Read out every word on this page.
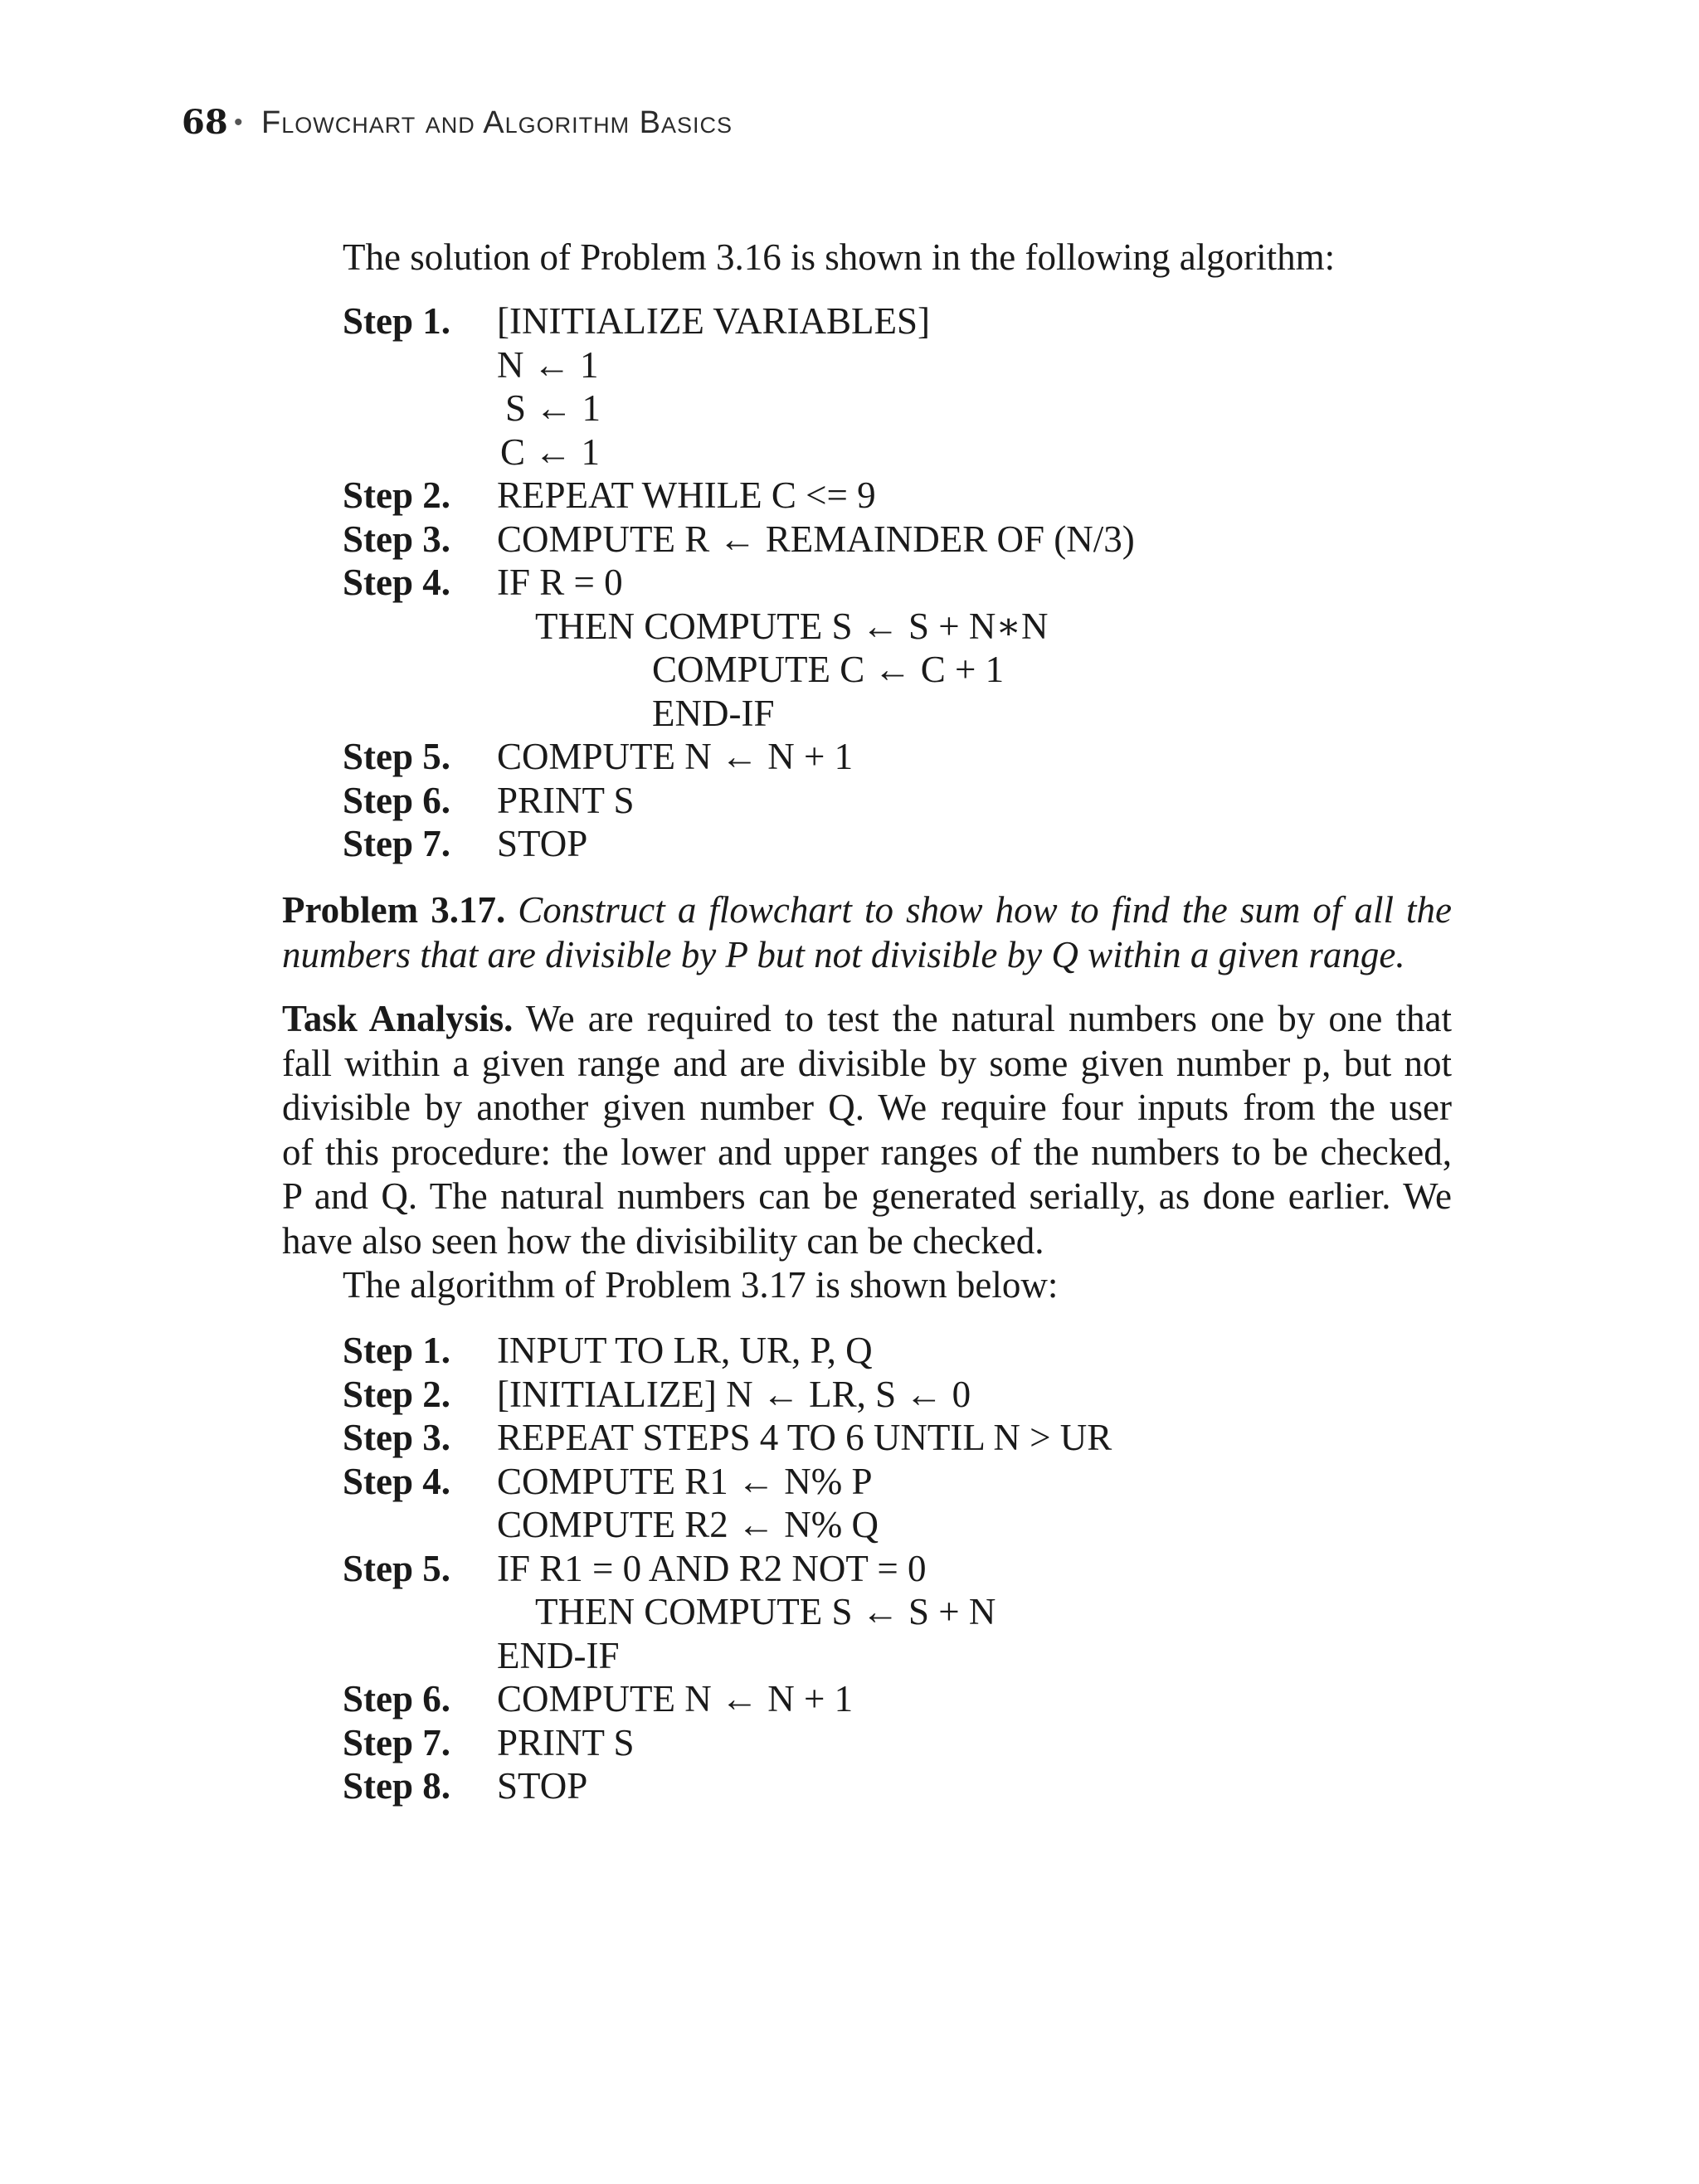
68 • Flowchart and Algorithm Basics
The solution of Problem 3.16 is shown in the following algorithm:
Step 1. [INITIALIZE VARIABLES]
N ← 1
S ← 1
C ← 1
Step 2. REPEAT WHILE C <= 9
Step 3. COMPUTE R ← REMAINDER OF (N/3)
Step 4. IF R = 0
THEN COMPUTE S ← S + N∗N
COMPUTE C ← C + 1
END-IF
Step 5. COMPUTE N ← N + 1
Step 6. PRINT S
Step 7. STOP
Problem 3.17. Construct a flowchart to show how to find the sum of all the
numbers that are divisible by P but not divisible by Q within a given range.
Task Analysis. We are required to test the natural numbers one by one that
fall within a given range and are divisible by some given number p, but not
divisible by another given number Q. We require four inputs from the user
of this procedure: the lower and upper ranges of the numbers to be checked,
P and Q. The natural numbers can be generated serially, as done earlier. We
have also seen how the divisibility can be checked.
The algorithm of Problem 3.17 is shown below:
Step 1. INPUT TO LR, UR, P, Q
Step 2. [INITIALIZE] N ← LR, S ← 0
Step 3. REPEAT STEPS 4 TO 6 UNTIL N > UR
Step 4. COMPUTE R1 ← N% P
COMPUTE R2 ← N% Q
Step 5. IF R1 = 0 AND R2 NOT = 0
THEN COMPUTE S ← S + N
END-IF
Step 6. COMPUTE N ← N + 1
Step 7. PRINT S
Step 8. STOP
